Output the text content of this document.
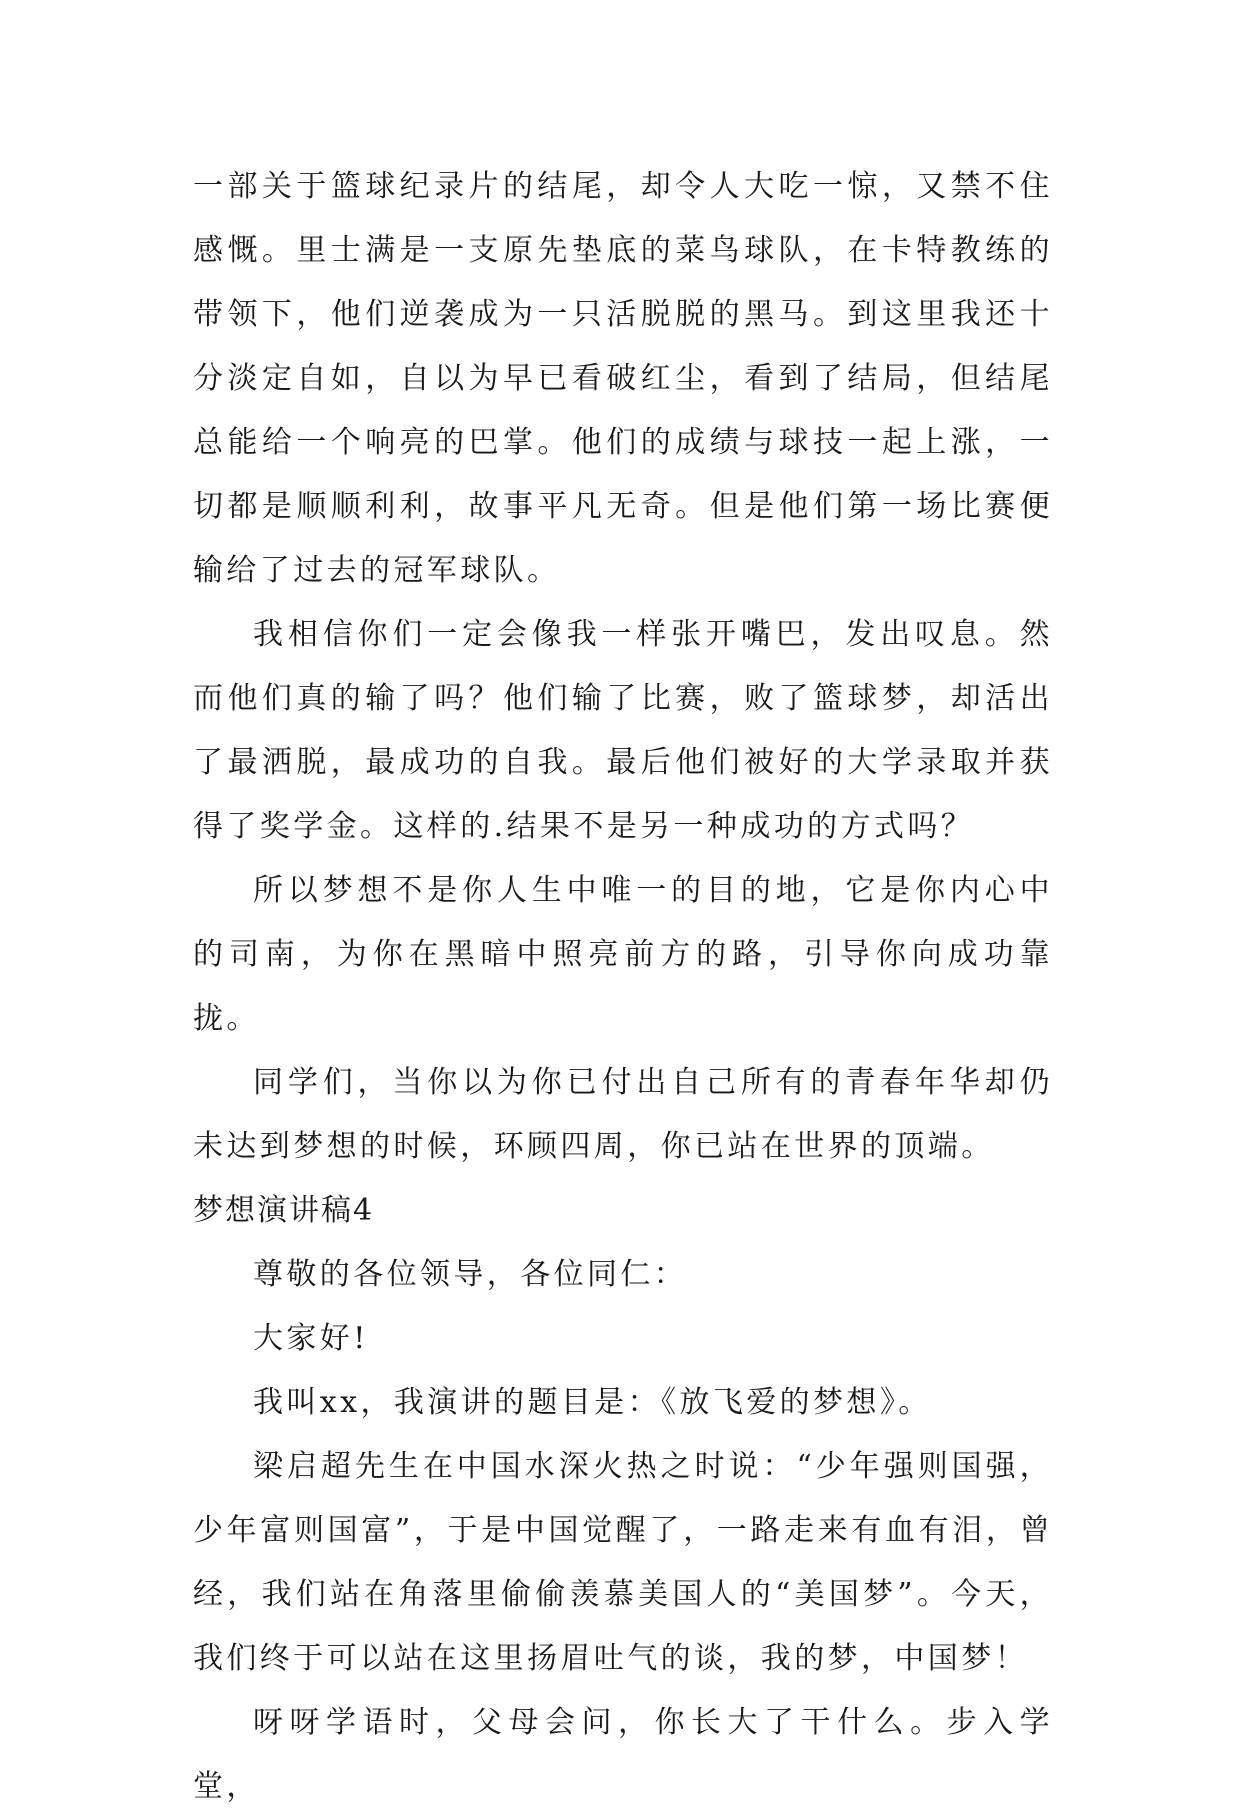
一部关于篮球纪录片的结尾，却令人大吃一惊，又禁不住感慨。里士满是一支原先垫底的菜鸟球队，在卡特教练的带领下，他们逆袭成为一只活脱脱的黑马。到这里我还十分淡定自如，自以为早已看破红尘，看到了结局，但结尾总能给一个响亮的巴掌。他们的成绩与球技一起上涨，一切都是顺顺利利，故事平凡无奇。但是他们第一场比赛便输给了过去的冠军球队。

我相信你们一定会像我一样张开嘴巴，发出叹息。然而他们真的输了吗？他们输了比赛，败了篮球梦，却活出了最洒脱，最成功的自我。最后他们被好的大学录取并获得了奖学金。这样的.结果不是另一种成功的方式吗？

所以梦想不是你人生中唯一的目的地，它是你内心中的司南，为你在黑暗中照亮前方的路，引导你向成功靠拢。

同学们，当你以为你已付出自己所有的青春年华却仍未达到梦想的时候，环顾四周，你已站在世界的顶端。

梦想演讲稿4

尊敬的各位领导，各位同仁：

大家好!

我叫xx，我演讲的题目是：《放飞爱的梦想》。

梁启超先生在中国水深火热之时说：“少年强则国强，少年富则国富”，于是中国觉醒了，一路走来有血有泪，曾经，我们站在角落里偷偷羡慕美国人的“美国梦”。今天，我们终于可以站在这里扬眉吐气的谈，我的梦，中国梦！

呀呀学语时，父母会问，你长大了干什么。步入学堂，
